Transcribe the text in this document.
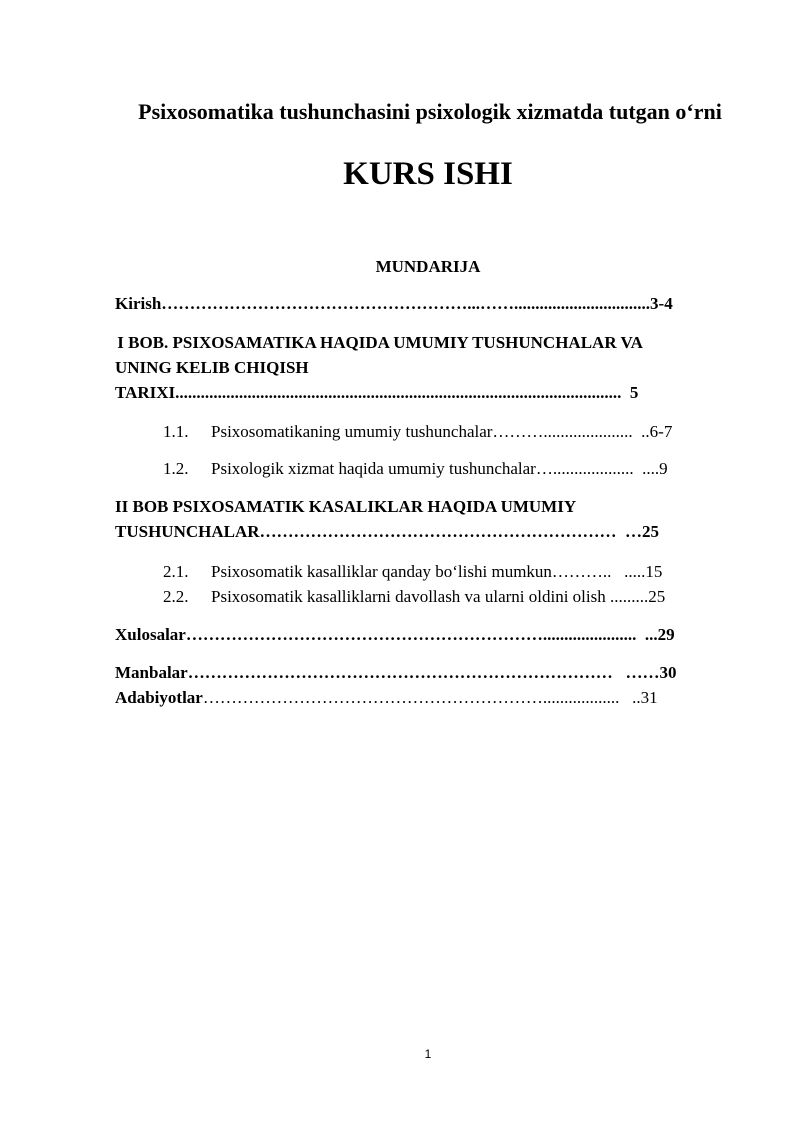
Psixosomatika tushunchasini psixologik xizmatda tutgan o‘rni
KURS ISHI
MUNDARIJA
Kirish………………………………………………...……................................3-4
I BOB. PSIXOSAMATIKA HAQIDA UMUMIY TUSHUNCHALAR VA
UNING KELIB CHIQISH
TARIXI.........................................................................................................  5
1.1. Psixosomatikaning umumiy tushunchalar……….....................  ..6-7
1.2. Psixologik xizmat haqida umumiy tushunchalar…...................  ....9
II BOB PSIXOSAMATIK KASALIKLAR HAQIDA UMUMIY
TUSHUNCHALAR………………………………………………………  …25
2.1. Psixosomatik kasalliklar qanday bo‘lishi mumkun………..   .....15
2.2. Psixosomatik kasalliklarni davollash va ularni oldini olish .........25
Xulosalar………………………………………………………......................  ...29
Manbalar…………………………………………………………………   ……30
Adabiyotlar……………………………………………………..................   ..31
1
